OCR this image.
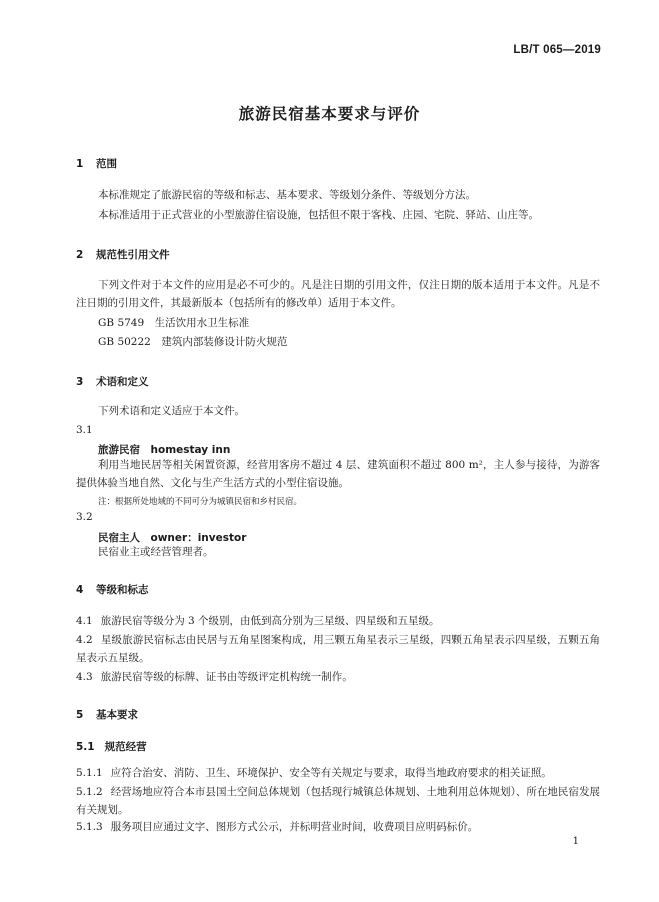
LB/T 065—2019
旅游民宿基本要求与评价
1 范围
本标准规定了旅游民宿的等级和标志、基本要求、等级划分条件、等级划分方法。
本标准适用于正式营业的小型旅游住宿设施，包括但不限于客栈、庄园、宅院、驿站、山庄等。
2 规范性引用文件
下列文件对于本文件的应用是必不可少的。凡是注日期的引用文件，仅注日期的版本适用于本文件。凡是不注日期的引用文件，其最新版本（包括所有的修改单）适用于本文件。
GB 5749　生活饮用水卫生标准
GB 50222　建筑内部装修设计防火规范
3 术语和定义
下列术语和定义适应于本文件。
3.1
旅游民宿　homestay inn
利用当地民居等相关闲置资源，经营用客房不超过 4 层、建筑面积不超过 800 m²，主人参与接待，为游客提供体验当地自然、文化与生产生活方式的小型住宿设施。
注：根据所处地域的不同可分为城镇民宿和乡村民宿。
3.2
民宿主人　owner：investor
民宿业主或经营管理者。
4 等级和标志
4.1 旅游民宿等级分为 3 个级别，由低到高分别为三星级、四星级和五星级。
4.2 星级旅游民宿标志由民居与五角星图案构成，用三颗五角星表示三星级，四颗五角星表示四星级，五颗五角星表示五星级。
4.3 旅游民宿等级的标牌、证书由等级评定机构统一制作。
5 基本要求
5.1 规范经营
5.1.1 应符合治安、消防、卫生、环境保护、安全等有关规定与要求，取得当地政府要求的相关证照。
5.1.2 经营场地应符合本市县国土空间总体规划（包括现行城镇总体规划、土地利用总体规划）、所在地民宿发展有关规划。
5.1.3 服务项目应通过文字、图形方式公示，并标明营业时间，收费项目应明码标价。
1
